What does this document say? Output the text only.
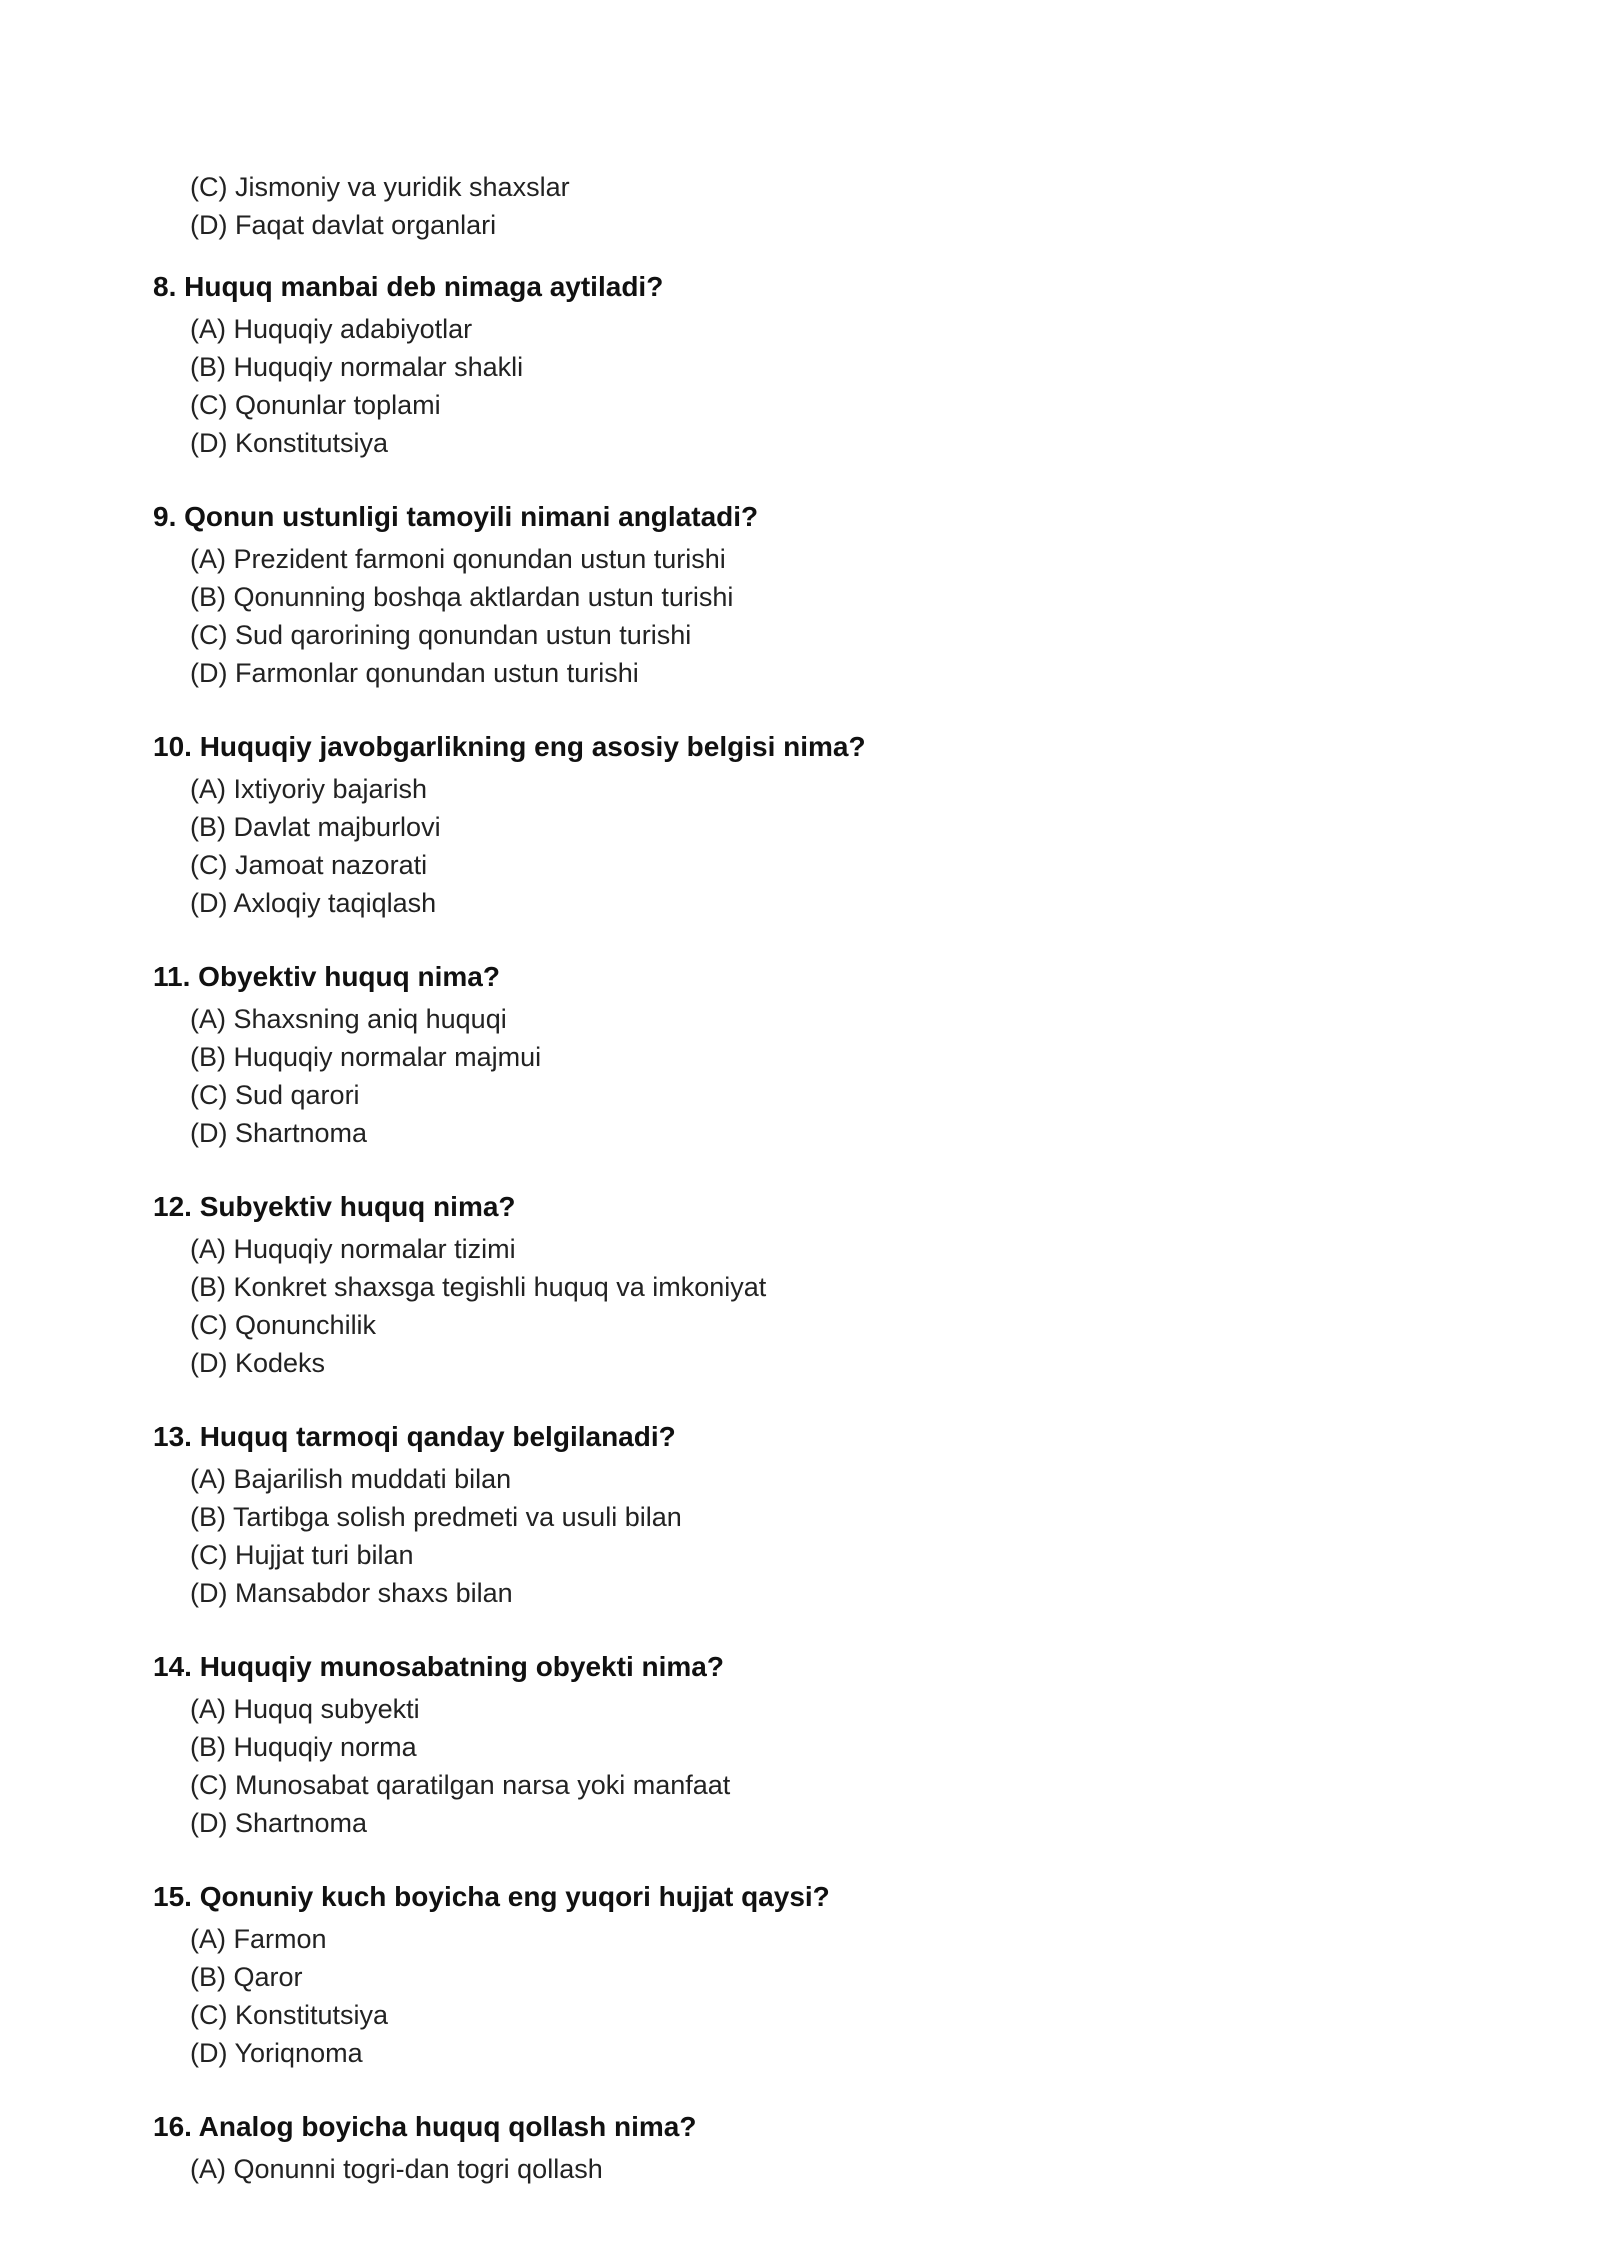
(C) Jismoniy va yuridik shaxslar
(D) Faqat davlat organlari
8. Huquq manbai deb nimaga aytiladi?
(A) Huquqiy adabiyotlar
(B) Huquqiy normalar shakli
(C) Qonunlar toplami
(D) Konstitutsiya
9. Qonun ustunligi tamoyili nimani anglatadi?
(A) Prezident farmoni qonundan ustun turishi
(B) Qonunning boshqa aktlardan ustun turishi
(C) Sud qarorining qonundan ustun turishi
(D) Farmonlar qonundan ustun turishi
10. Huquqiy javobgarlikning eng asosiy belgisi nima?
(A) Ixtiyoriy bajarish
(B) Davlat majburlovi
(C) Jamoat nazorati
(D) Axloqiy taqiqlash
11. Obyektiv huquq nima?
(A) Shaxsning aniq huquqi
(B) Huquqiy normalar majmui
(C) Sud qarori
(D) Shartnoma
12. Subyektiv huquq nima?
(A) Huquqiy normalar tizimi
(B) Konkret shaxsga tegishli huquq va imkoniyat
(C) Qonunchilik
(D) Kodeks
13. Huquq tarmoqi qanday belgilanadi?
(A) Bajarilish muddati bilan
(B) Tartibga solish predmeti va usuli bilan
(C) Hujjat turi bilan
(D) Mansabdor shaxs bilan
14. Huquqiy munosabatning obyekti nima?
(A) Huquq subyekti
(B) Huquqiy norma
(C) Munosabat qaratilgan narsa yoki manfaat
(D) Shartnoma
15. Qonuniy kuch boyicha eng yuqori hujjat qaysi?
(A) Farmon
(B) Qaror
(C) Konstitutsiya
(D) Yoriqnoma
16. Analog boyicha huquq qollash nima?
(A) Qonunni togri-dan togri qollash
